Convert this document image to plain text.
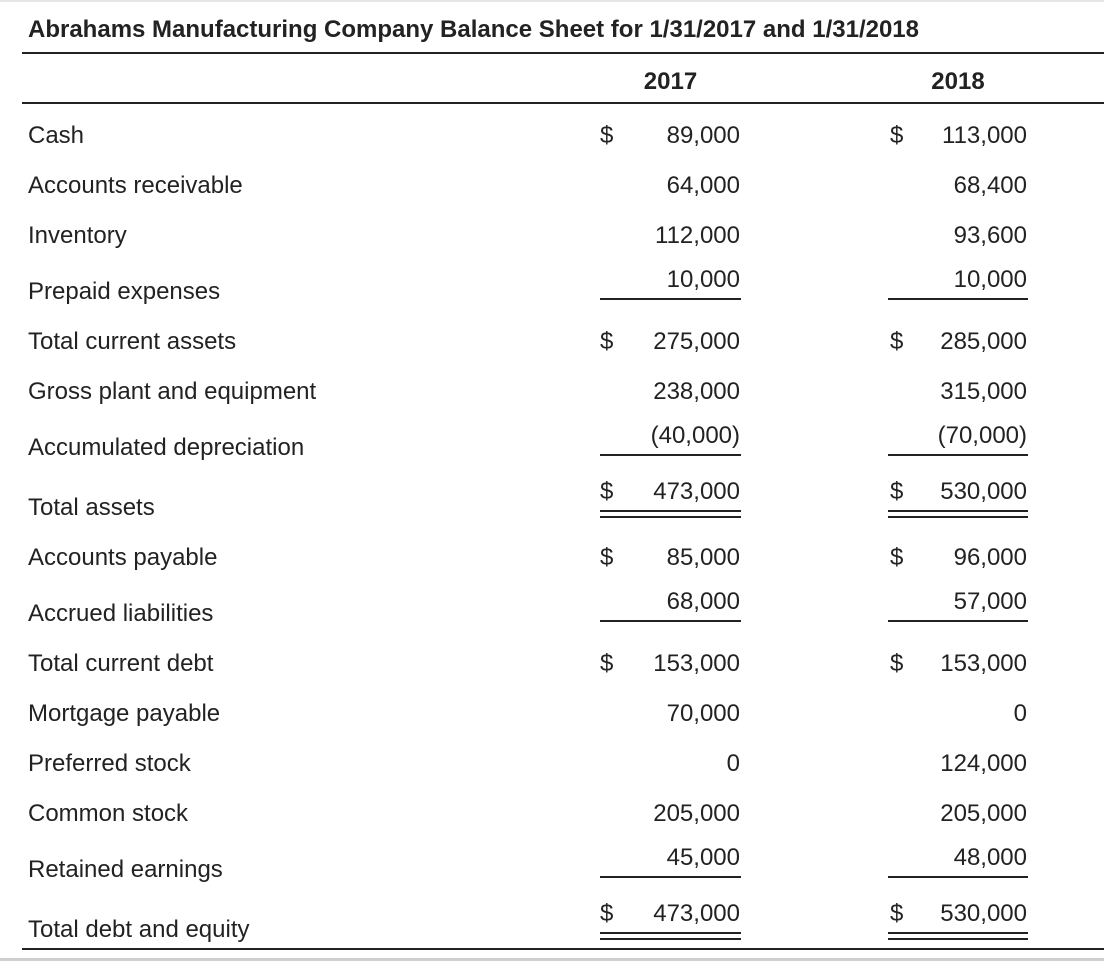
Abrahams Manufacturing Company Balance Sheet for 1/31/2017 and 1/31/2018
2017	2018
Cash
Accounts receivable
Inventory
Prepaid expenses
Total current assets
Gross plant and equipment
Accumulated depreciation
Total assets
Accounts payable
Accrued liabilities
Total current debt
Mortgage payable
Preferred stock
Common stock
Retained earnings
Total debt and equity
$
$
$
$
$
$
$
$
$
$
$
$
89,000
64,000
112,000
10,000
275,000
238,000
(40,000)
473,000
85,000
68,000
153,000
70,000
0
205,000
45,000
473,000
113,000
68,400
93,600
10,000
285,000
315,000
(70,000)
530,000
96,000
57,000
153,000
0
124,000
205,000
48,000
530,000
